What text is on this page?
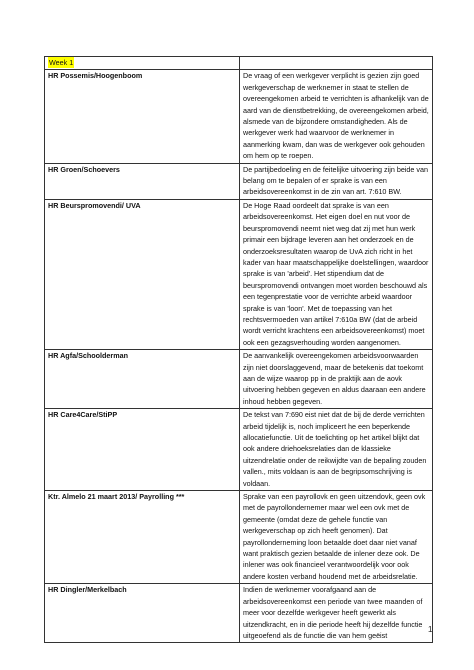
Week 1	
HR Possemis/Hoogenboom	De vraag of een werkgever verplicht is gezien zijn goed werkgeverschap de werknemer in staat te stellen de overeengekomen arbeid te verrichten is afhankelijk van de aard van de dienstbetrekking, de overeengekomen arbeid, alsmede van de bijzondere omstandigheden. Als de werkgever werk had waarvoor de werknemer in aanmerking kwam, dan was de werkgever ook gehouden om hem op te roepen.
HR Groen/Schoevers	De partijbedoeling en de feitelijke uitvoering zijn beide van belang om te bepalen of er sprake is van een arbeidsovereenkomst in de zin van art. 7:610 BW.
HR Beurspromovendi/ UVA	De Hoge Raad oordeelt dat sprake is van een arbeidsovereenkomst. Het eigen doel en nut voor de beurspromovendi neemt niet weg dat zij met hun werk primair een bijdrage leveren aan het onderzoek en de onderzoeksresultaten waarop de UvA zich richt in het kader van haar maatschappelijke doelstellingen, waardoor sprake is van 'arbeid'. Het stipendium dat de beurspromovendi ontvangen moet worden beschouwd als een tegenprestatie voor de verrichte arbeid waardoor sprake is van 'loon'. Met de toepassing van het rechtsvermoeden van artikel 7:610a BW (dat de arbeid wordt verricht krachtens een arbeidsovereenkomst) moet ook een gezagsverhouding worden aangenomen.
HR Agfa/Schoolderman	De aanvankelijk overeengekomen arbeidsvoorwaarden zijn niet doorslaggevend, maar de betekenis dat toekomt aan de wijze waarop pp in de praktijk aan de aovk uitvoering hebben gegeven en aldus daaraan een andere inhoud hebben gegeven.
HR Care4Care/StiPP	De tekst van 7:690 eist niet dat de bij de derde verrichten arbeid tijdelijk is, noch impliceert he een beperkende allocatiefunctie. Uit de toelichting op het artikel blijkt dat ook andere driehoeksrelaties dan de klassieke uitzendrelatie onder de reikwijdte van de bepaling zouden vallen., mits voldaan is aan de begripsomschrijving is voldaan.
Ktr. Almelo 21 maart 2013/ Payrolling ***	Sprake van een payrollovk en geen uitzendovk, geen ovk met de payrollondernemer maar wel een ovk met de gemeente (omdat deze de gehele functie van werkgeverschap op zich heeft genomen). Dat payrollonderneming loon betaalde doet daar niet vanaf want praktisch gezien betaalde de inlener deze ook. De inlener was ook financieel verantwoordelijk voor ook andere kosten verband houdend met de arbeidsrelatie.
HR Dingler/Merkelbach	Indien de werknemer voorafgaand aan de arbeidsovereenkomst een periode van twee maanden of meer voor dezelfde werkgever heeft gewerkt als uitzendkracht, en in die periode heeft hij dezelfde functie uitgeoefend als de functie die van hem geëist
1
